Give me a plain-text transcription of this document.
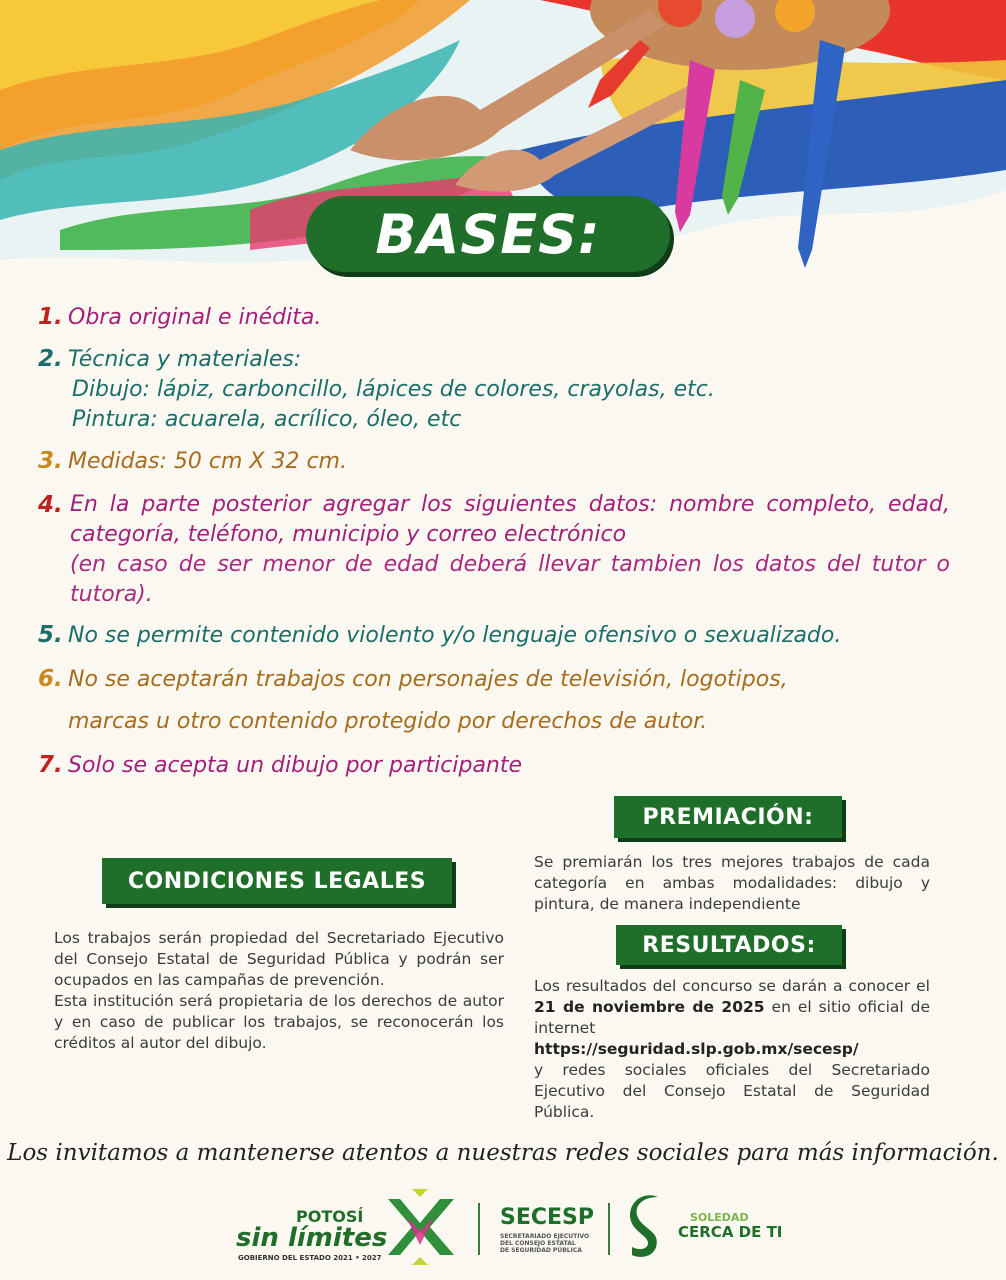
BASES:
1. Obra original e inédita.
2. Técnica y materiales:
Dibujo: lápiz, carboncillo, lápices de colores, crayolas, etc.
Pintura: acuarela, acrílico, óleo, etc
3. Medidas: 50 cm X 32 cm.
4. En la parte posterior agregar los siguientes datos: nombre completo, edad, categoría, teléfono, municipio y correo electrónico
(en caso de ser menor de edad deberá llevar tambien los datos del tutor o tutora).
5. No se permite contenido violento y/o lenguaje ofensivo o sexualizado.
6. No se aceptarán trabajos con personajes de televisión, logotipos,
marcas u otro contenido protegido por derechos de autor.
7. Solo se acepta un dibujo por participante
PREMIACIÓN:
Se premiarán los tres mejores trabajos de cada categoría en ambas modalidades: dibujo y pintura, de manera independiente
CONDICIONES LEGALES
Los trabajos serán propiedad del Secretariado Ejecutivo del Consejo Estatal de Seguridad Pública y podrán ser ocupados en las campañas de prevención.
Esta institución será propietaria de los derechos de autor y en caso de publicar los trabajos, se reconocerán los créditos al autor del dibujo.
RESULTADOS:
Los resultados del concurso se darán a conocer el 21 de noviembre de 2025 en el sitio oficial de internet
https://seguridad.slp.gob.mx/secesp/
y redes sociales oficiales del Secretariado Ejecutivo del Consejo Estatal de Seguridad Pública.
Los invitamos a mantenerse atentos a nuestras redes sociales para más información.
POTOSÍ
sin límites
GOBIERNO DEL ESTADO 2021 • 2027
SECESP
SECRETARIADO EJECUTIVO
DEL CONSEJO ESTATAL
DE SEGURIDAD PÚBLICA
SOLEDAD
CERCA DE TI
